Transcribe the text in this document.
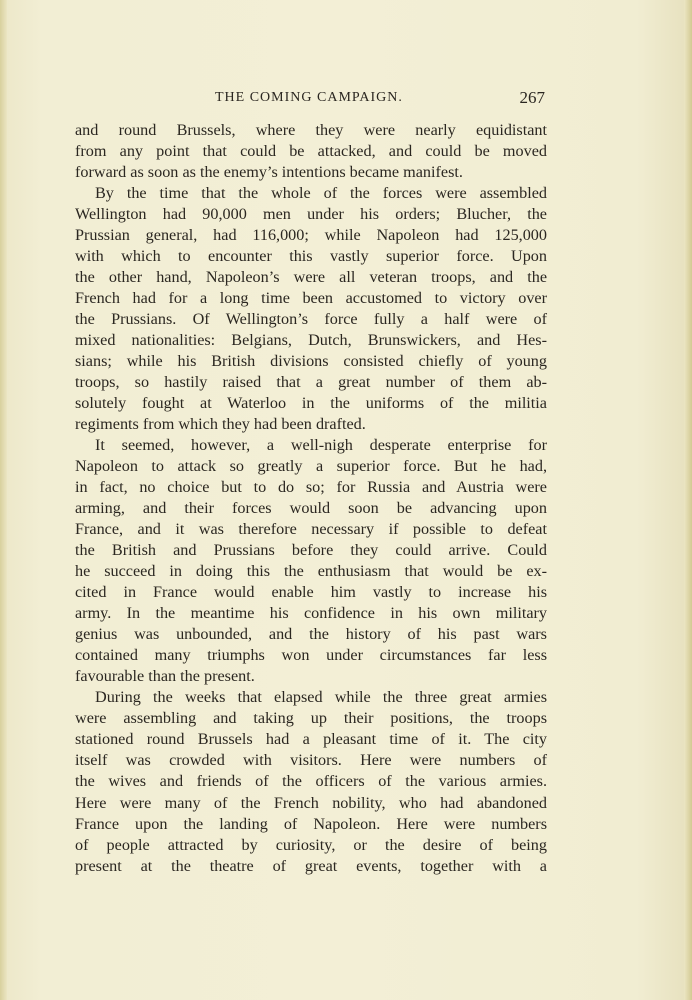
THE COMING CAMPAIGN.	267

and round Brussels, where they were nearly equidistant

from any point that could be attacked, and could be moved

forward as soon as the enemy’s intentions became manifest.

By the time that the whole of the forces were assembled

Wellington had 90,000 men under his orders; Blucher, the

Prussian general, had 116,000; while Napoleon had 125,000

with which to encounter this vastly superior force. Upon

the other hand, Napoleon’s were all veteran troops, and the

French had for a long time been accustomed to victory over

the Prussians. Of Wellington’s force fully a half were of

mixed nationalities: Belgians, Dutch, Brunswickers, and Hes-

sians; while his British divisions consisted chiefly of young

troops, so hastily raised that a great number of them ab-

solutely fought at Waterloo in the uniforms of the militia

regiments from which they had been drafted.

It seemed, however, a well-nigh desperate enterprise for

Napoleon to attack so greatly a superior force. But he had,

in fact, no choice but to do so; for Russia and Austria were

arming, and their forces would soon be advancing upon

France, and it was therefore necessary if possible to defeat

the British and Prussians before they could arrive. Could

he succeed in doing this the enthusiasm that would be ex-

cited in France would enable him vastly to increase his

army. In the meantime his confidence in his own military

genius was unbounded, and the history of his past wars

contained many triumphs won under circumstances far less

favourable than the present.

During the weeks that elapsed while the three great armies

were assembling and taking up their positions, the troops

stationed round Brussels had a pleasant time of it. The city

itself was crowded with visitors. Here were numbers of

the wives and friends of the officers of the various armies.

Here were many of the French nobility, who had abandoned

France upon the landing of Napoleon. Here were numbers

of people attracted by curiosity, or the desire of being

present at the theatre of great events, together with a
